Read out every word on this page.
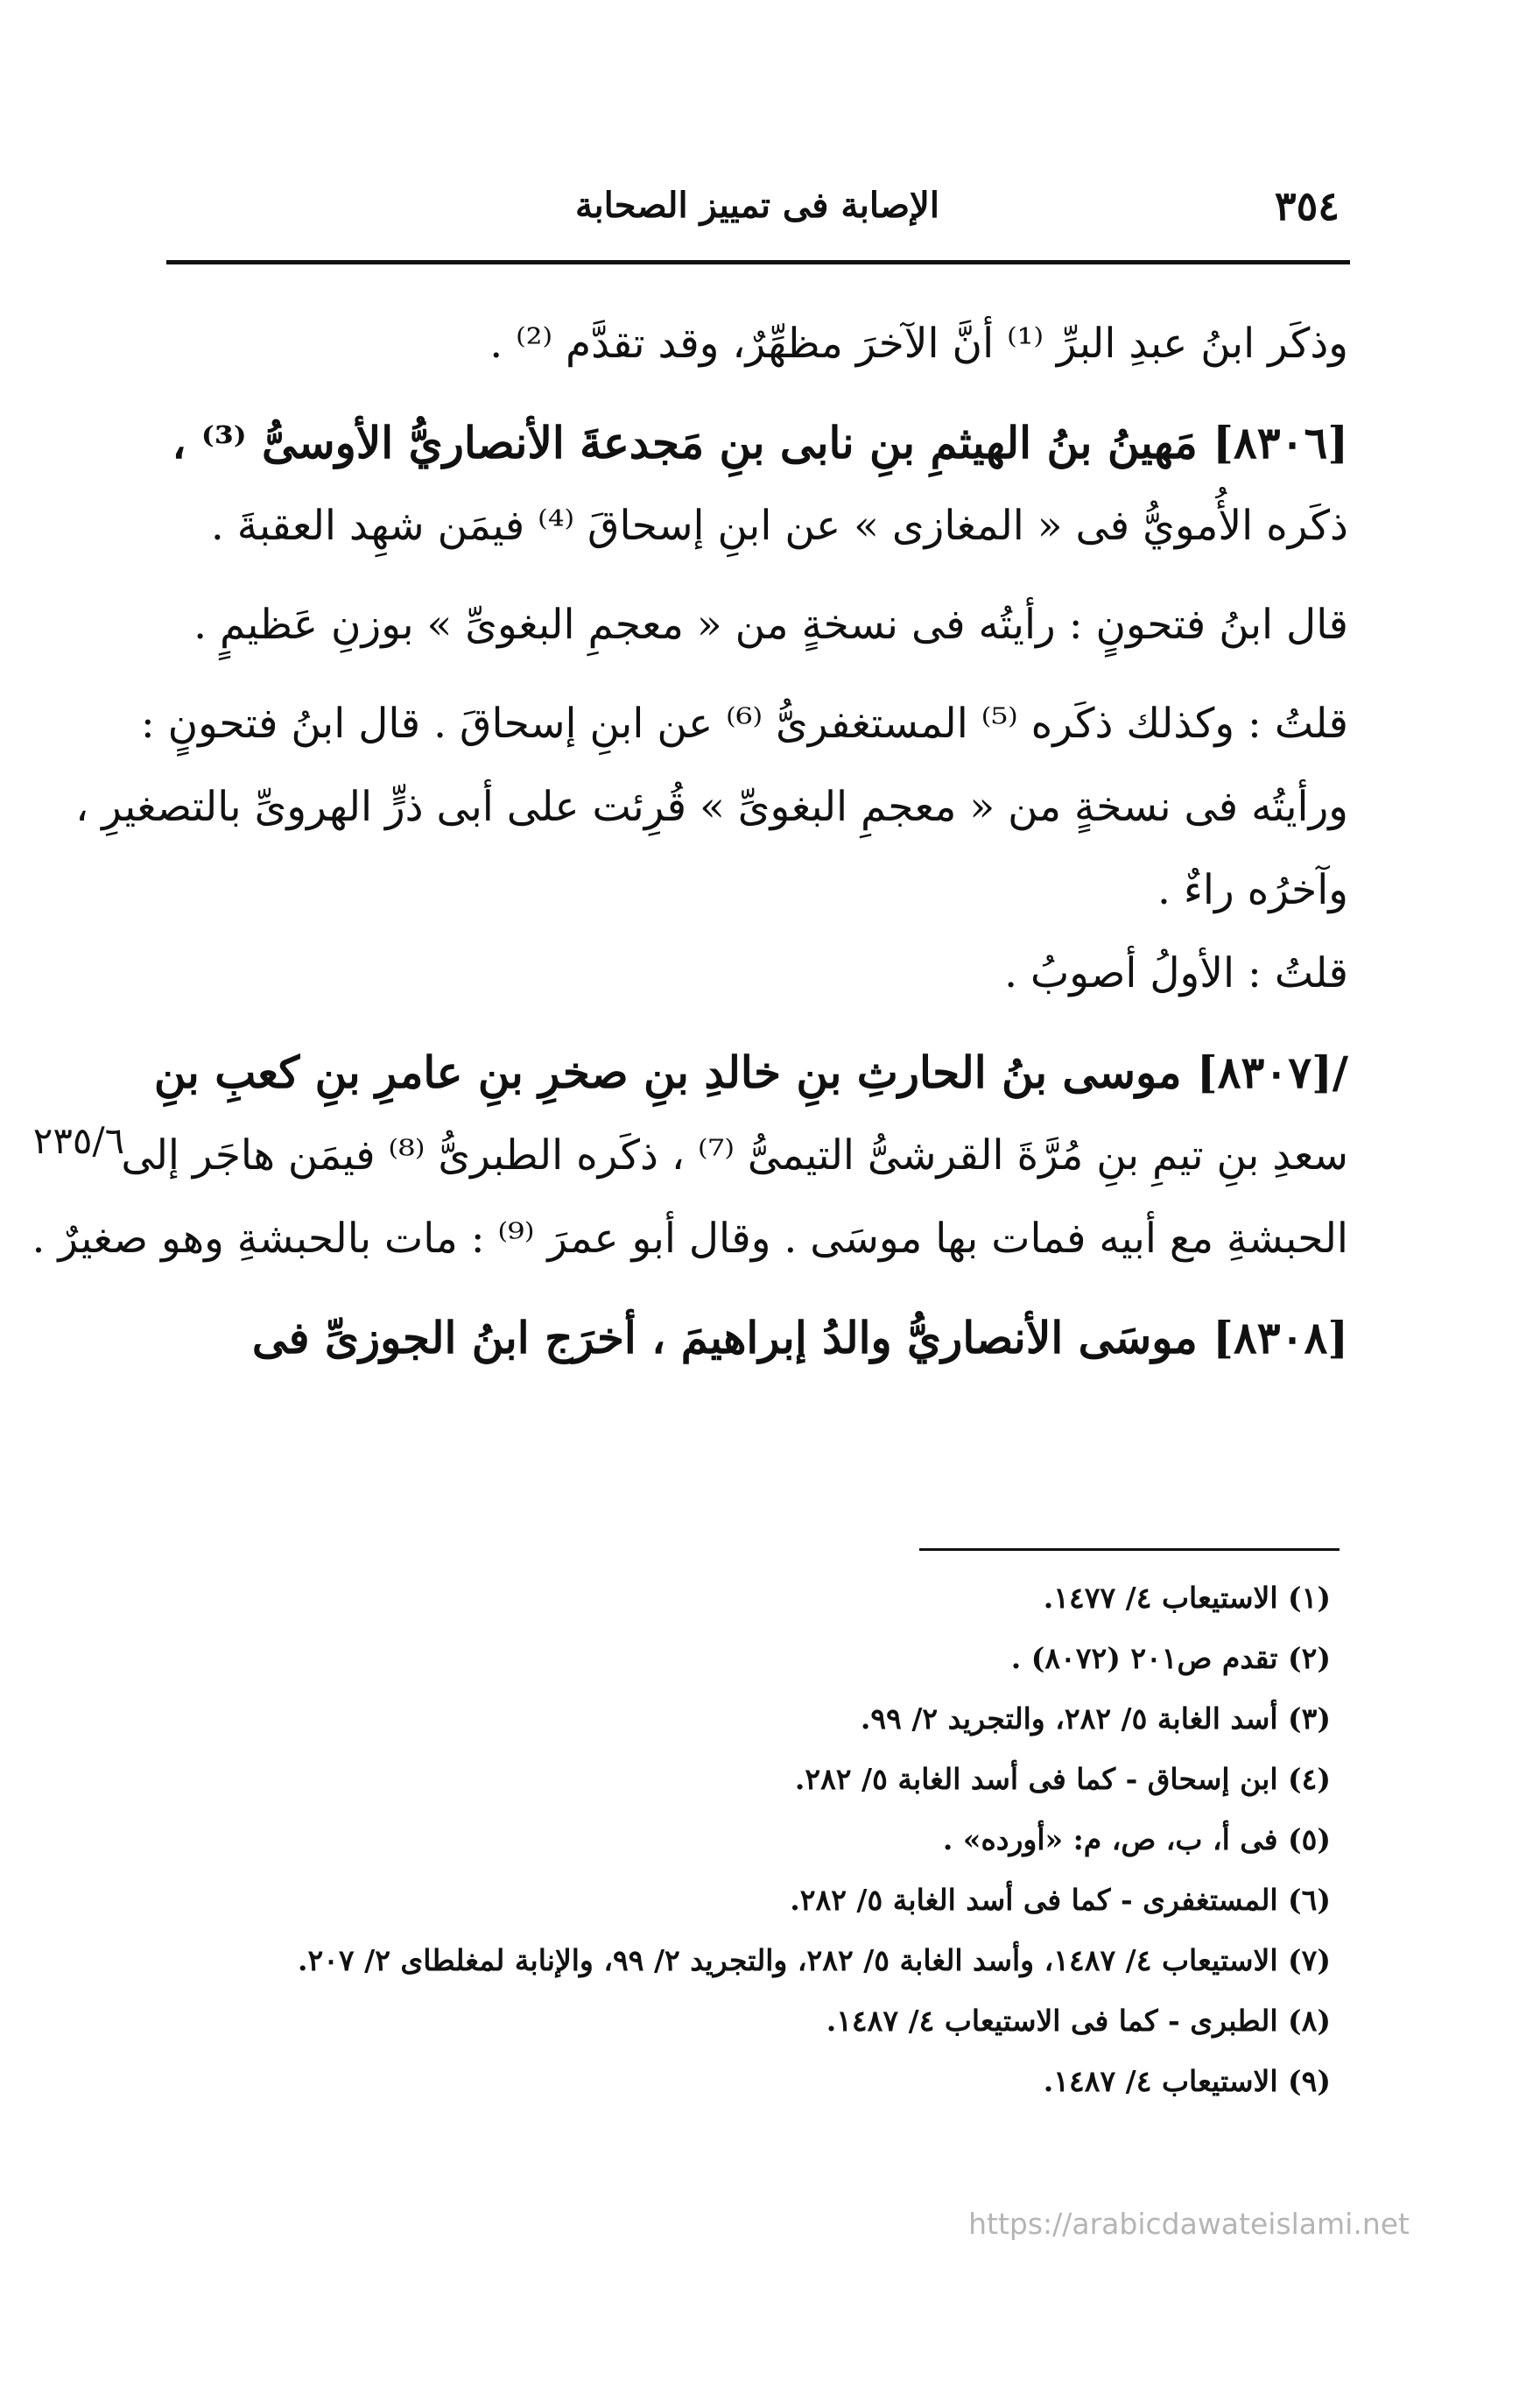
٣٥٤
الإصابة فى تمييز الصحابة
٢٣٥/٦
وذكَر ابنُ عبدِ البرِّ ⁽¹⁾ أنَّ الآخرَ مظهِّرٌ، وقد تقدَّم ⁽²⁾ .
[٨٣٠٦] مَهينُ بنُ الهيثمِ بنِ نابى بنِ مَجدعةَ الأنصاريُّ الأوسىُّ ⁽³⁾ ،
ذكَره الأُمويُّ فى « المغازى » عن ابنِ إسحاقَ ⁽⁴⁾ فيمَن شهِد العقبةَ .
قال ابنُ فتحونٍ : رأيتُه فى نسخةٍ من « معجمِ البغوىِّ » بوزنِ عَظيمٍ .
قلتُ : وكذلك ذكَره ⁽⁵⁾ المستغفرىُّ ⁽⁶⁾ عن ابنِ إسحاقَ . قال ابنُ فتحونٍ :
ورأيتُه فى نسخةٍ من « معجمِ البغوىِّ » قُرِئت على أبى ذرٍّ الهروىِّ بالتصغيرِ ،
وآخرُه راءٌ .
قلتُ : الأولُ أصوبُ .
/[٨٣٠٧] موسى بنُ الحارثِ بنِ خالدِ بنِ صخرِ بنِ عامرِ بنِ كعبِ بنِ
سعدِ بنِ تيمِ بنِ مُرَّةَ القرشىُّ التيمىُّ ⁽⁷⁾ ، ذكَره الطبرىُّ ⁽⁸⁾ فيمَن هاجَر إلى
الحبشةِ مع أبيه فمات بها موسَى . وقال أبو عمرَ ⁽⁹⁾ : مات بالحبشةِ وهو صغيرٌ .
[٨٣٠٨] موسَى الأنصاريُّ والدُ إبراهيمَ ، أخرَج ابنُ الجوزىِّ فى
(١) الاستيعاب ٤/ ١٤٧٧.
(٢) تقدم ص٢٠١ (٨٠٧٢) .
(٣) أسد الغابة ٥/ ٢٨٢، والتجريد ٢/ ٩٩.
(٤) ابن إسحاق - كما فى أسد الغابة ٥/ ٢٨٢.
(٥) فى أ، ب، ص، م: «أورده» .
(٦) المستغفرى - كما فى أسد الغابة ٥/ ٢٨٢.
(٧) الاستيعاب ٤/ ١٤٨٧، وأسد الغابة ٥/ ٢٨٢، والتجريد ٢/ ٩٩، والإنابة لمغلطاى ٢/ ٢٠٧.
(٨) الطبرى - كما فى الاستيعاب ٤/ ١٤٨٧.
(٩) الاستيعاب ٤/ ١٤٨٧.
https://arabicdawateislami.net
